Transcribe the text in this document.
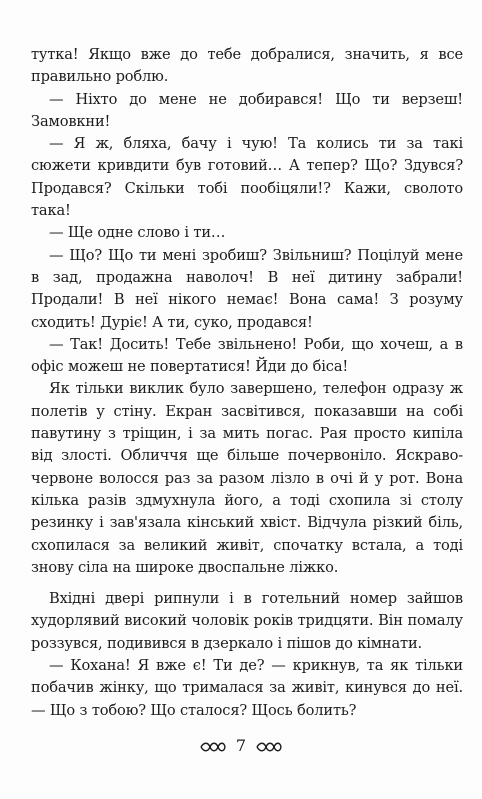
тутка! Якщо вже до тебе добралися, значить, я все правильно роблю.

— Ніхто до мене не добирався! Що ти верзеш! Замовкни!

— Я ж, бляха, бачу і чую! Та колись ти за такі сюжети кривдити був готовий… А тепер? Що? Здувся? Продався? Скільки тобі пообіцяли!? Кажи, сволото така!

— Ще одне слово і ти…

— Що? Що ти мені зробиш? Звільниш? Поцілуй мене в зад, продажна наволоч! В неї дитину забрали! Продали! В неї нікого немає! Вона сама! З розуму сходить! Дуріє! А ти, суко, продався!

— Так! Досить! Тебе звільнено! Роби, що хочеш, а в офіс можеш не повертатися! Йди до біса!

Як тільки виклик було завершено, телефон одразу ж полетів у стіну. Екран засвітився, показавши на собі павутину з тріщин, і за мить погас. Рая просто кипіла від злості. Обличчя ще більше почервоніло. Яскраво-червоне волосся раз за разом лізло в очі й у рот. Вона кілька разів здмухнула його, а тоді схопила зі столу резинку і зав'язала кінський хвіст. Відчула різкий біль, схопилася за великий живіт, спочатку встала, а тоді знову сіла на широке двоспальне ліжко.

Вхідні двері рипнули і в готельний номер зайшов худорлявий високий чоловік років тридцяти. Він помалу роззувся, подивився в дзеркало і пішов до кімнати.

— Кохана! Я вже є! Ти де? — крикнув, та як тільки побачив жінку, що трималася за живіт, кинувся до неї. — Що з тобою? Що сталося? Щось болить?

7
